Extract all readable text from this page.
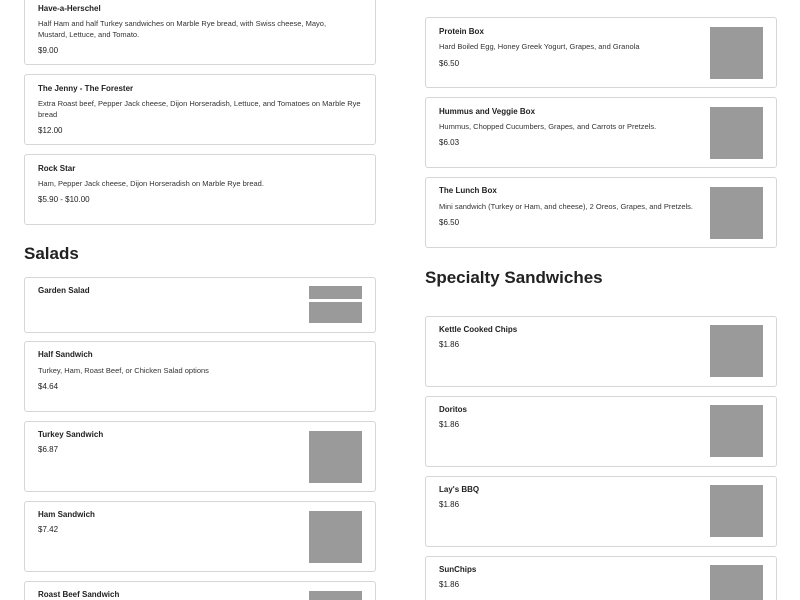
Have-a-Herschel
Half Ham and half Turkey sandwiches on Marble Rye bread, with Swiss cheese, Mayo, Mustard, Lettuce, and Tomato.
$9.00
The Jenny - The Forester
Extra Roast beef, Pepper Jack cheese, Dijon Horseradish, Lettuce, and Tomatoes on Marble Rye bread
$12.00
Rock Star
Ham, Pepper Jack cheese, Dijon Horseradish on Marble Rye bread.
$5.90 - $10.00
Salads
Garden Salad
Half Sandwich
Turkey, Ham, Roast Beef, or Chicken Salad options
$4.64
Turkey Sandwich
$6.87
Ham Sandwich
$7.42
Roast Beef Sandwich
Protein Box
Hard Boiled Egg, Honey Greek Yogurt, Grapes, and Granola
$6.50
Hummus and Veggie Box
Hummus, Chopped Cucumbers, Grapes, and Carrots or Pretzels.
$6.03
The Lunch Box
Mini sandwich (Turkey or Ham, and cheese), 2 Oreos, Grapes, and Pretzels.
$6.50
Specialty Sandwiches
Kettle Cooked Chips
$1.86
Doritos
$1.86
Lay's BBQ
$1.86
SunChips
$1.86
